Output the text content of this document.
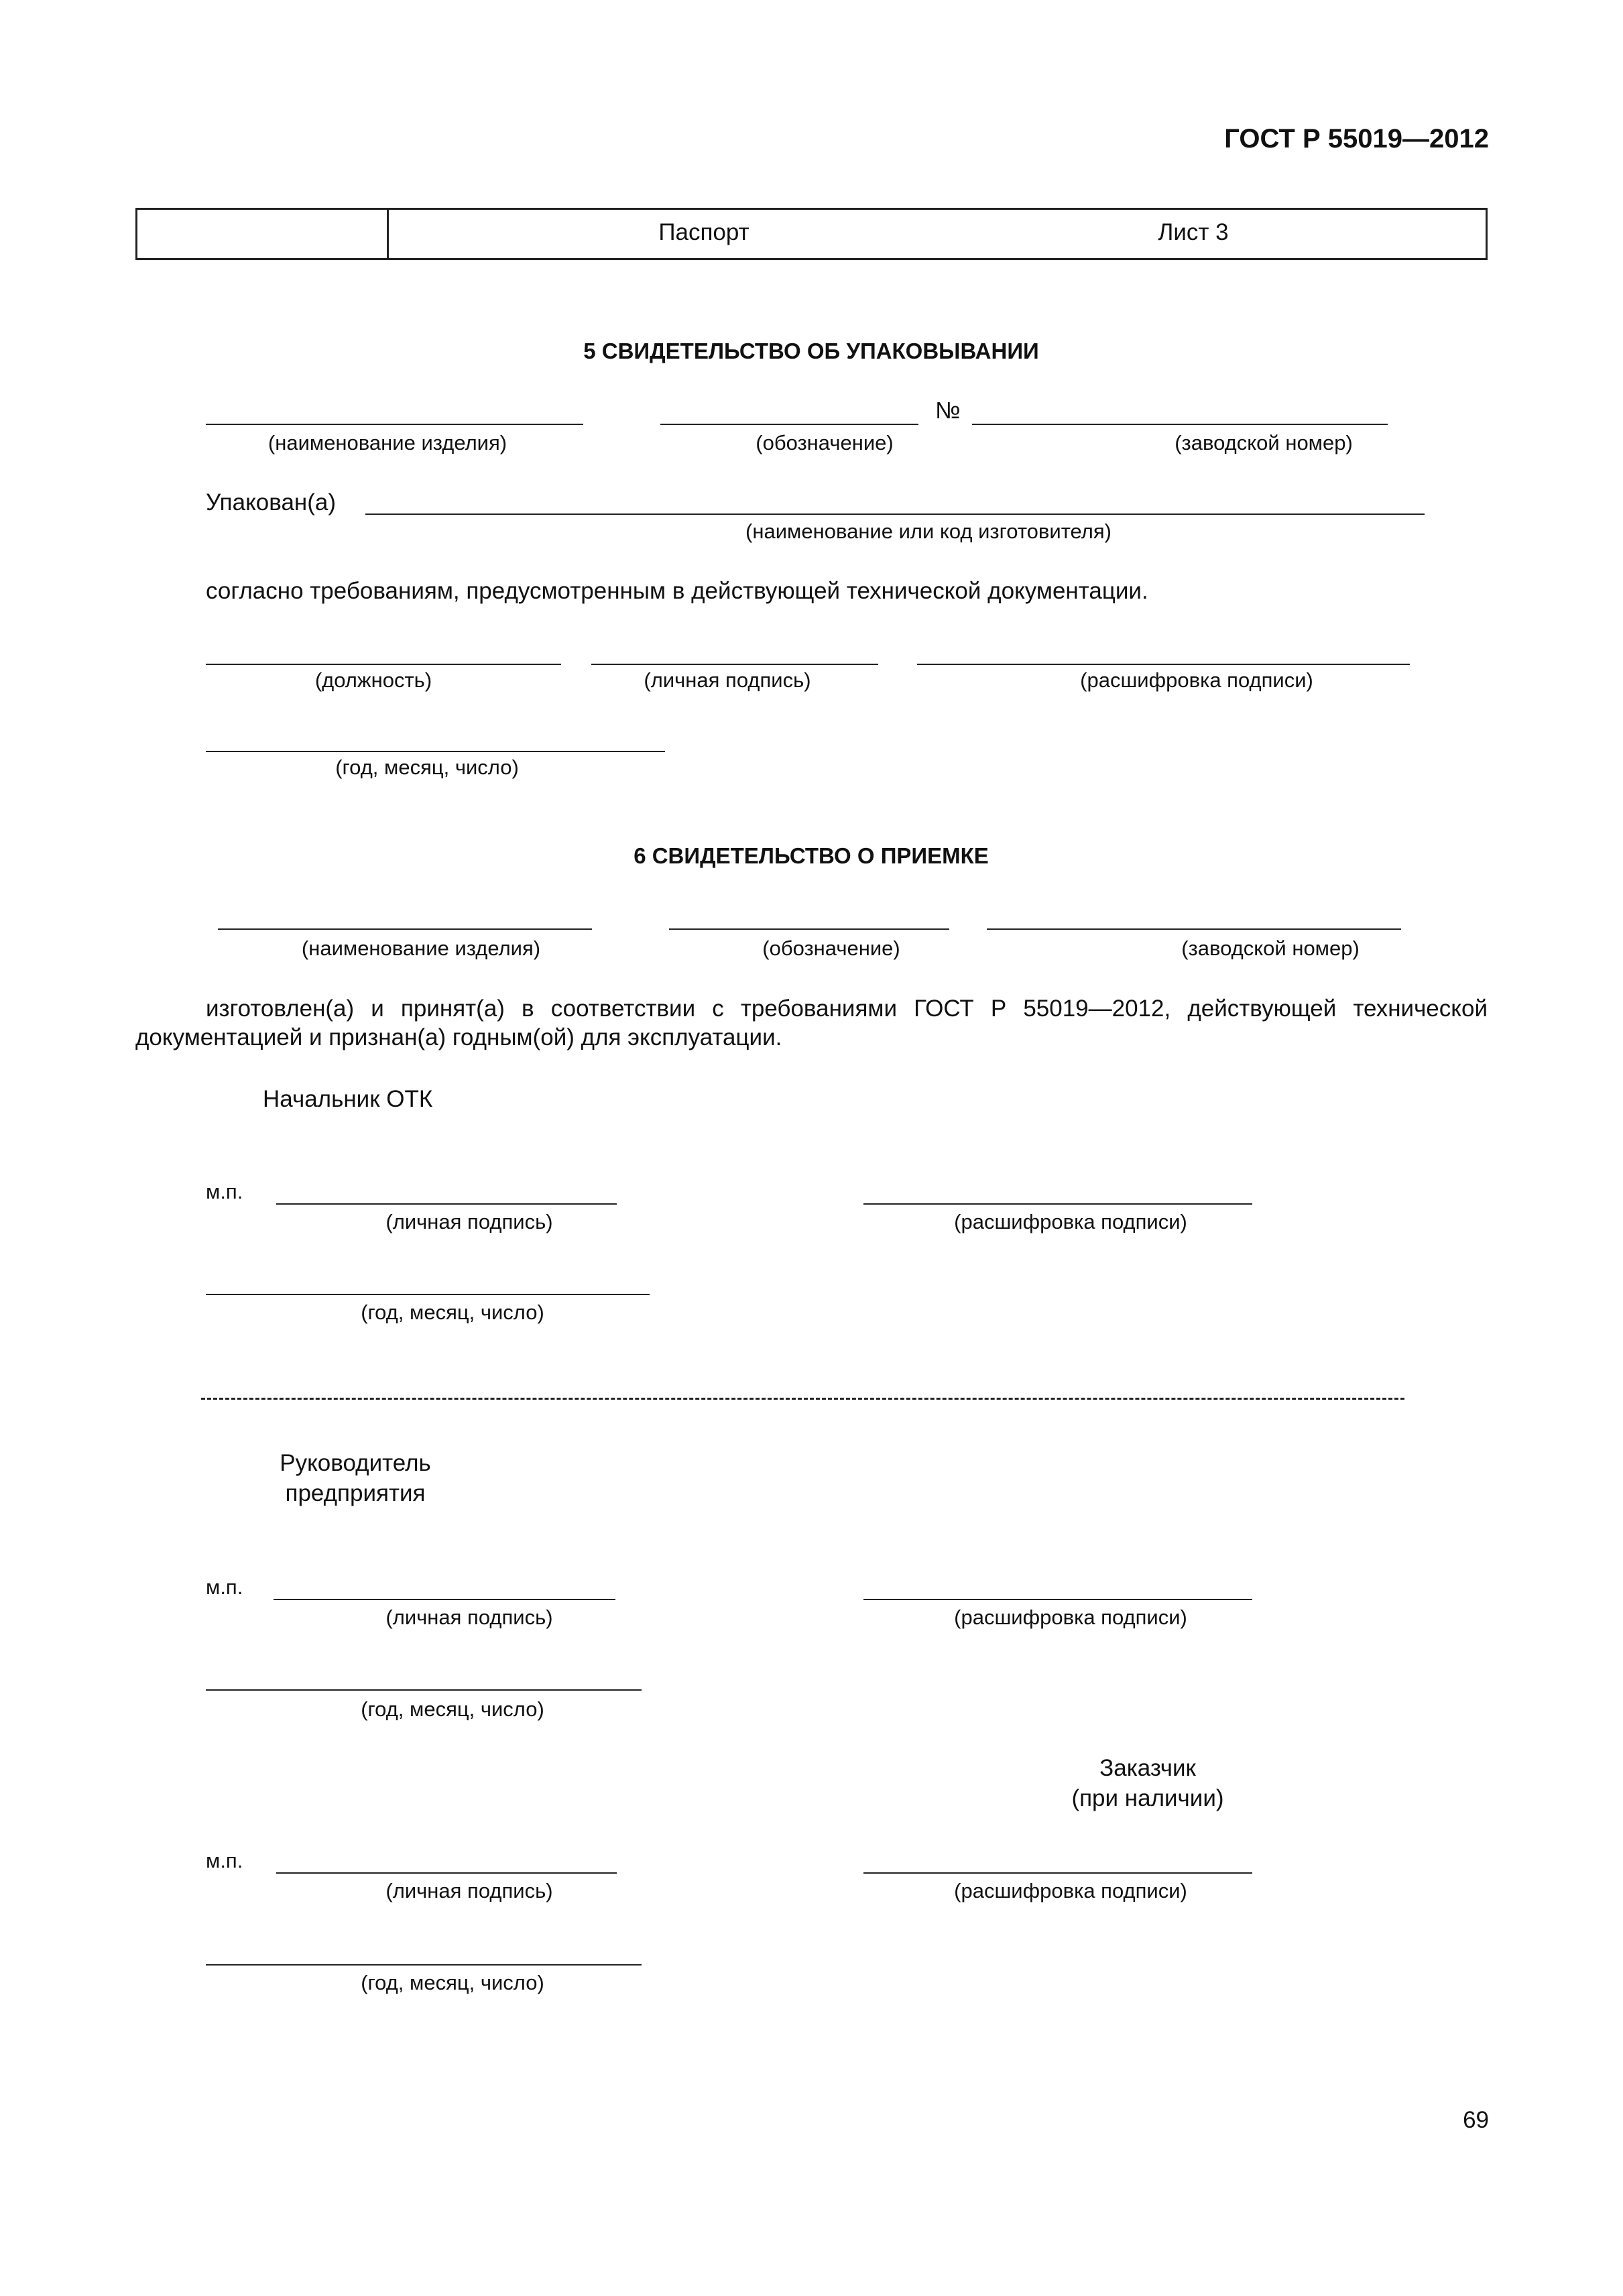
ГОСТ Р 55019—2012
Паспорт	Лист 3
5 СВИДЕТЕЛЬСТВО ОБ УПАКОВЫВАНИИ
№
(наименование изделия)	(обозначение)	(заводской номер)
Упакован(а)
(наименование или код изготовителя)
согласно требованиям, предусмотренным в действующей технической документации.
(должность)	(личная подпись)	(расшифровка подписи)
(год, месяц, число)
6 СВИДЕТЕЛЬСТВО О ПРИЕМКЕ
(наименование изделия)	(обозначение)	(заводской номер)
изготовлен(а) и принят(а) в соответствии с требованиями ГОСТ Р 55019—2012, действующей технической
документацией и признан(а) годным(ой) для эксплуатации.
Начальник ОТК
м.п.
(личная подпись)	(расшифровка подписи)
(год, месяц, число)
Руководитель
предприятия
м.п.
(личная подпись)	(расшифровка подписи)
(год, месяц, число)
Заказчик
(при наличии)
м.п.
(личная подпись)	(расшифровка подписи)
(год, месяц, число)
69
